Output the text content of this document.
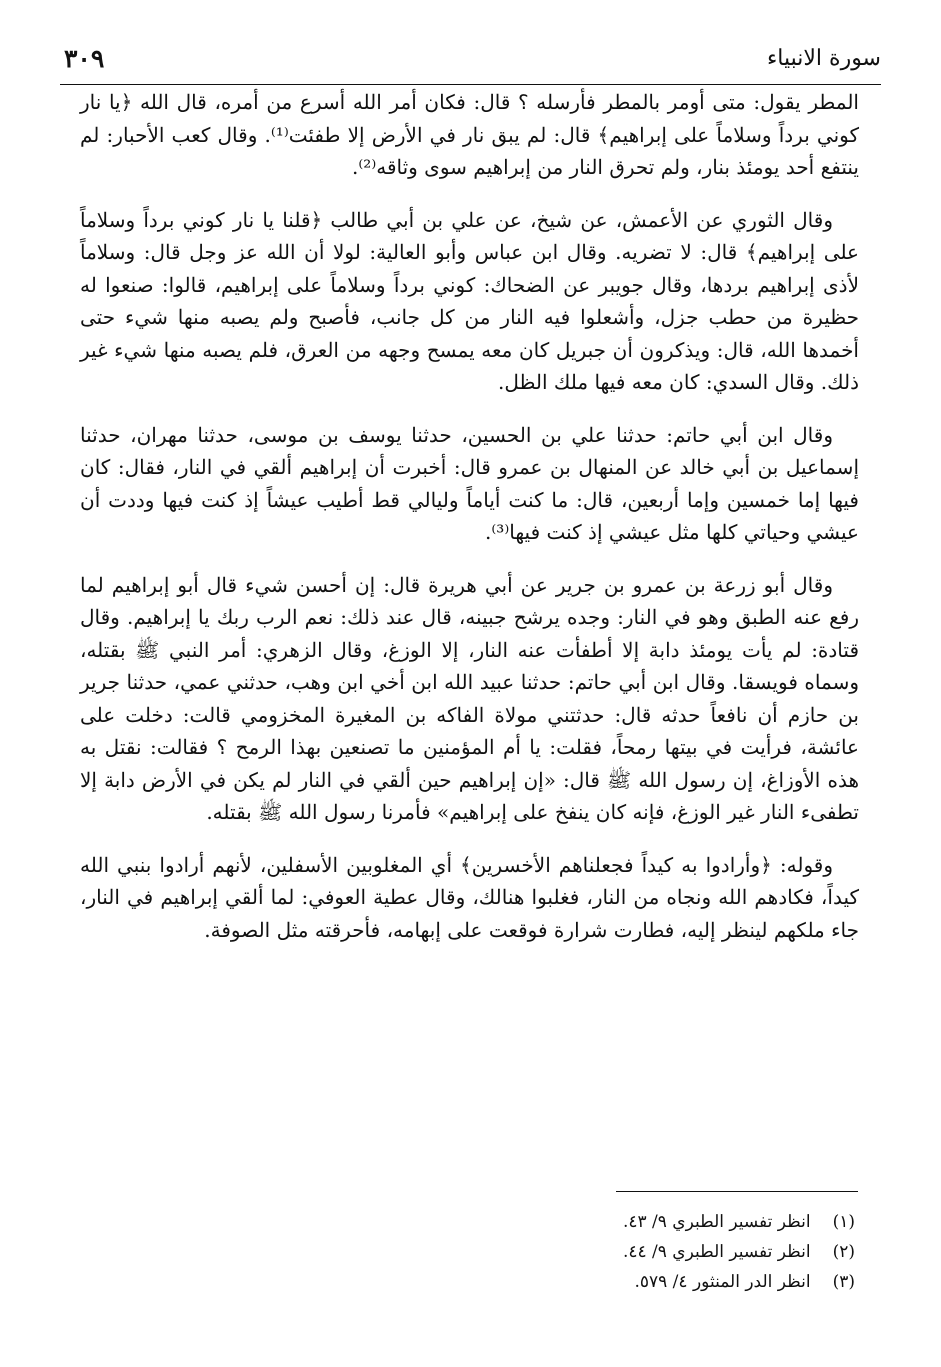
سورة الانبياء
٣٠٩

المطر يقول: متى أومر بالمطر فأرسله ؟ قال: فكان أمر الله أسرع من أمره، قال الله ﴿يا نار كوني برداً وسلاماً على إبراهيم﴾ قال: لم يبق نار في الأرض إلا طفئت⁽¹⁾. وقال كعب الأحبار: لم ينتفع أحد يومئذ بنار، ولم تحرق النار من إبراهيم سوى وثاقه⁽²⁾.

وقال الثوري عن الأعمش، عن شيخ، عن علي بن أبي طالب ﴿قلنا يا نار كوني برداً وسلاماً على إبراهيم﴾ قال: لا تضريه. وقال ابن عباس وأبو العالية: لولا أن الله عز وجل قال: وسلاماً لأذى إبراهيم بردها، وقال جويبر عن الضحاك: كوني برداً وسلاماً على إبراهيم، قالوا: صنعوا له حظيرة من حطب جزل، وأشعلوا فيه النار من كل جانب، فأصبح ولم يصبه منها شيء حتى أخمدها الله، قال: ويذكرون أن جبريل كان معه يمسح وجهه من العرق، فلم يصبه منها شيء غير ذلك. وقال السدي: كان معه فيها ملك الظل.

وقال ابن أبي حاتم: حدثنا علي بن الحسين، حدثنا يوسف بن موسى، حدثنا مهران، حدثنا إسماعيل بن أبي خالد عن المنهال بن عمرو قال: أخبرت أن إبراهيم ألقي في النار، فقال: كان فيها إما خمسين وإما أربعين، قال: ما كنت أياماً وليالي قط أطيب عيشاً إذ كنت فيها وددت أن عيشي وحياتي كلها مثل عيشي إذ كنت فيها⁽³⁾.

وقال أبو زرعة بن عمرو بن جرير عن أبي هريرة قال: إن أحسن شيء قال أبو إبراهيم لما رفع عنه الطبق وهو في النار: وجده يرشح جبينه، قال عند ذلك: نعم الرب ربك يا إبراهيم. وقال قتادة: لم يأت يومئذ دابة إلا أطفأت عنه النار، إلا الوزغ، وقال الزهري: أمر النبي ﷺ بقتله، وسماه فويسقا. وقال ابن أبي حاتم: حدثنا عبيد الله ابن أخي ابن وهب، حدثني عمي، حدثنا جرير بن حازم أن نافعاً حدثه قال: حدثتني مولاة الفاكه بن المغيرة المخزومي قالت: دخلت على عائشة، فرأيت في بيتها رمحاً، فقلت: يا أم المؤمنين ما تصنعين بهذا الرمح ؟ فقالت: نقتل به هذه الأوزاغ، إن رسول الله ﷺ قال: «إن إبراهيم حين ألقي في النار لم يكن في الأرض دابة إلا تطفىء النار غير الوزغ، فإنه كان ينفخ على إبراهيم» فأمرنا رسول الله ﷺ بقتله.

وقوله: ﴿وأرادوا به كيداً فجعلناهم الأخسرين﴾ أي المغلوبين الأسفلين، لأنهم أرادوا بنبي الله كيداً، فكادهم الله ونجاه من النار، فغلبوا هنالك، وقال عطية العوفي: لما ألقي إبراهيم في النار، جاء ملكهم لينظر إليه، فطارت شرارة فوقعت على إبهامه، فأحرقته مثل الصوفة.

(١)
انظر تفسير الطبري ٩/ ٤٣.
(٢)
انظر تفسير الطبري ٩/ ٤٤.
(٣)
انظر الدر المنثور ٤/ ٥٧٩.
